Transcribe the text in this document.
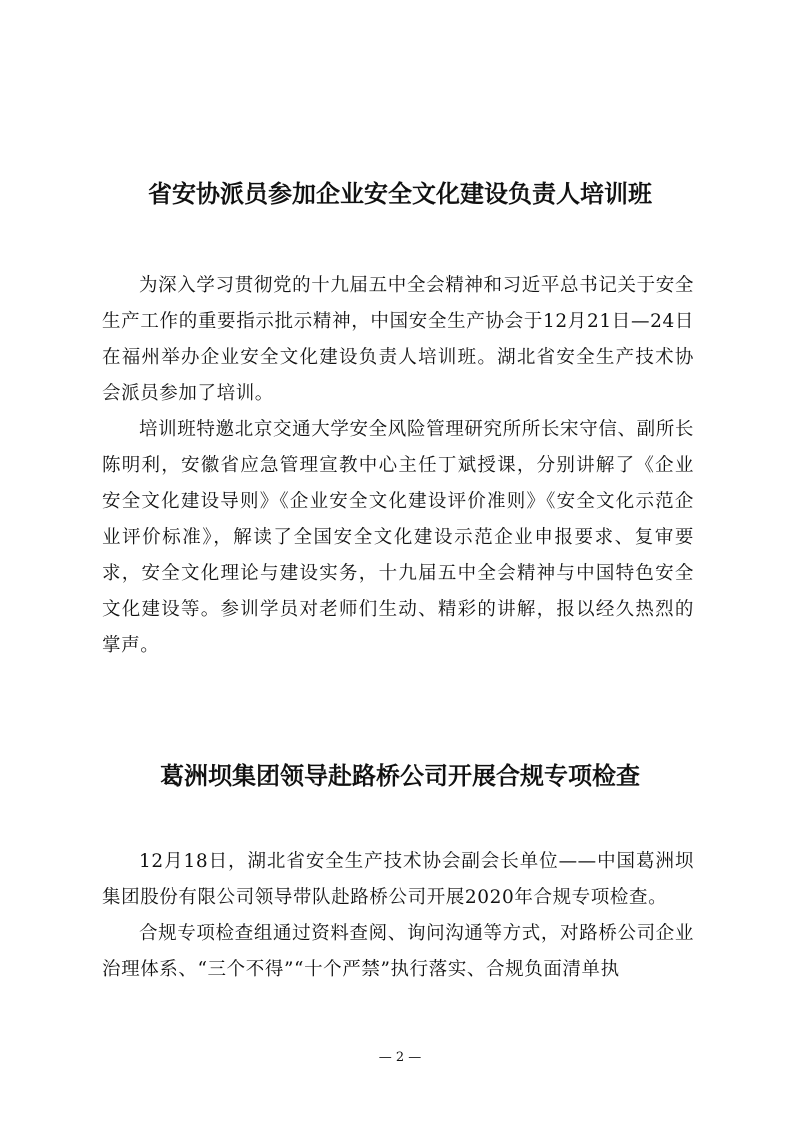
省安协派员参加企业安全文化建设负责人培训班

为深入学习贯彻党的十九届五中全会精神和习近平总书记关于安全生产工作的重要指示批示精神，中国安全生产协会于12月21日—24日在福州举办企业安全文化建设负责人培训班。湖北省安全生产技术协会派员参加了培训。

培训班特邀北京交通大学安全风险管理研究所所长宋守信、副所长陈明利，安徽省应急管理宣教中心主任丁斌授课，分别讲解了《企业安全文化建设导则》《企业安全文化建设评价准则》《安全文化示范企业评价标准》，解读了全国安全文化建设示范企业申报要求、复审要求，安全文化理论与建设实务，十九届五中全会精神与中国特色安全文化建设等。参训学员对老师们生动、精彩的讲解，报以经久热烈的掌声。

葛洲坝集团领导赴路桥公司开展合规专项检查

12月18日，湖北省安全生产技术协会副会长单位——中国葛洲坝集团股份有限公司领导带队赴路桥公司开展2020年合规专项检查。

合规专项检查组通过资料查阅、询问沟通等方式，对路桥公司企业治理体系、“三个不得”“十个严禁”执行落实、合规负面清单执

— 2 —
